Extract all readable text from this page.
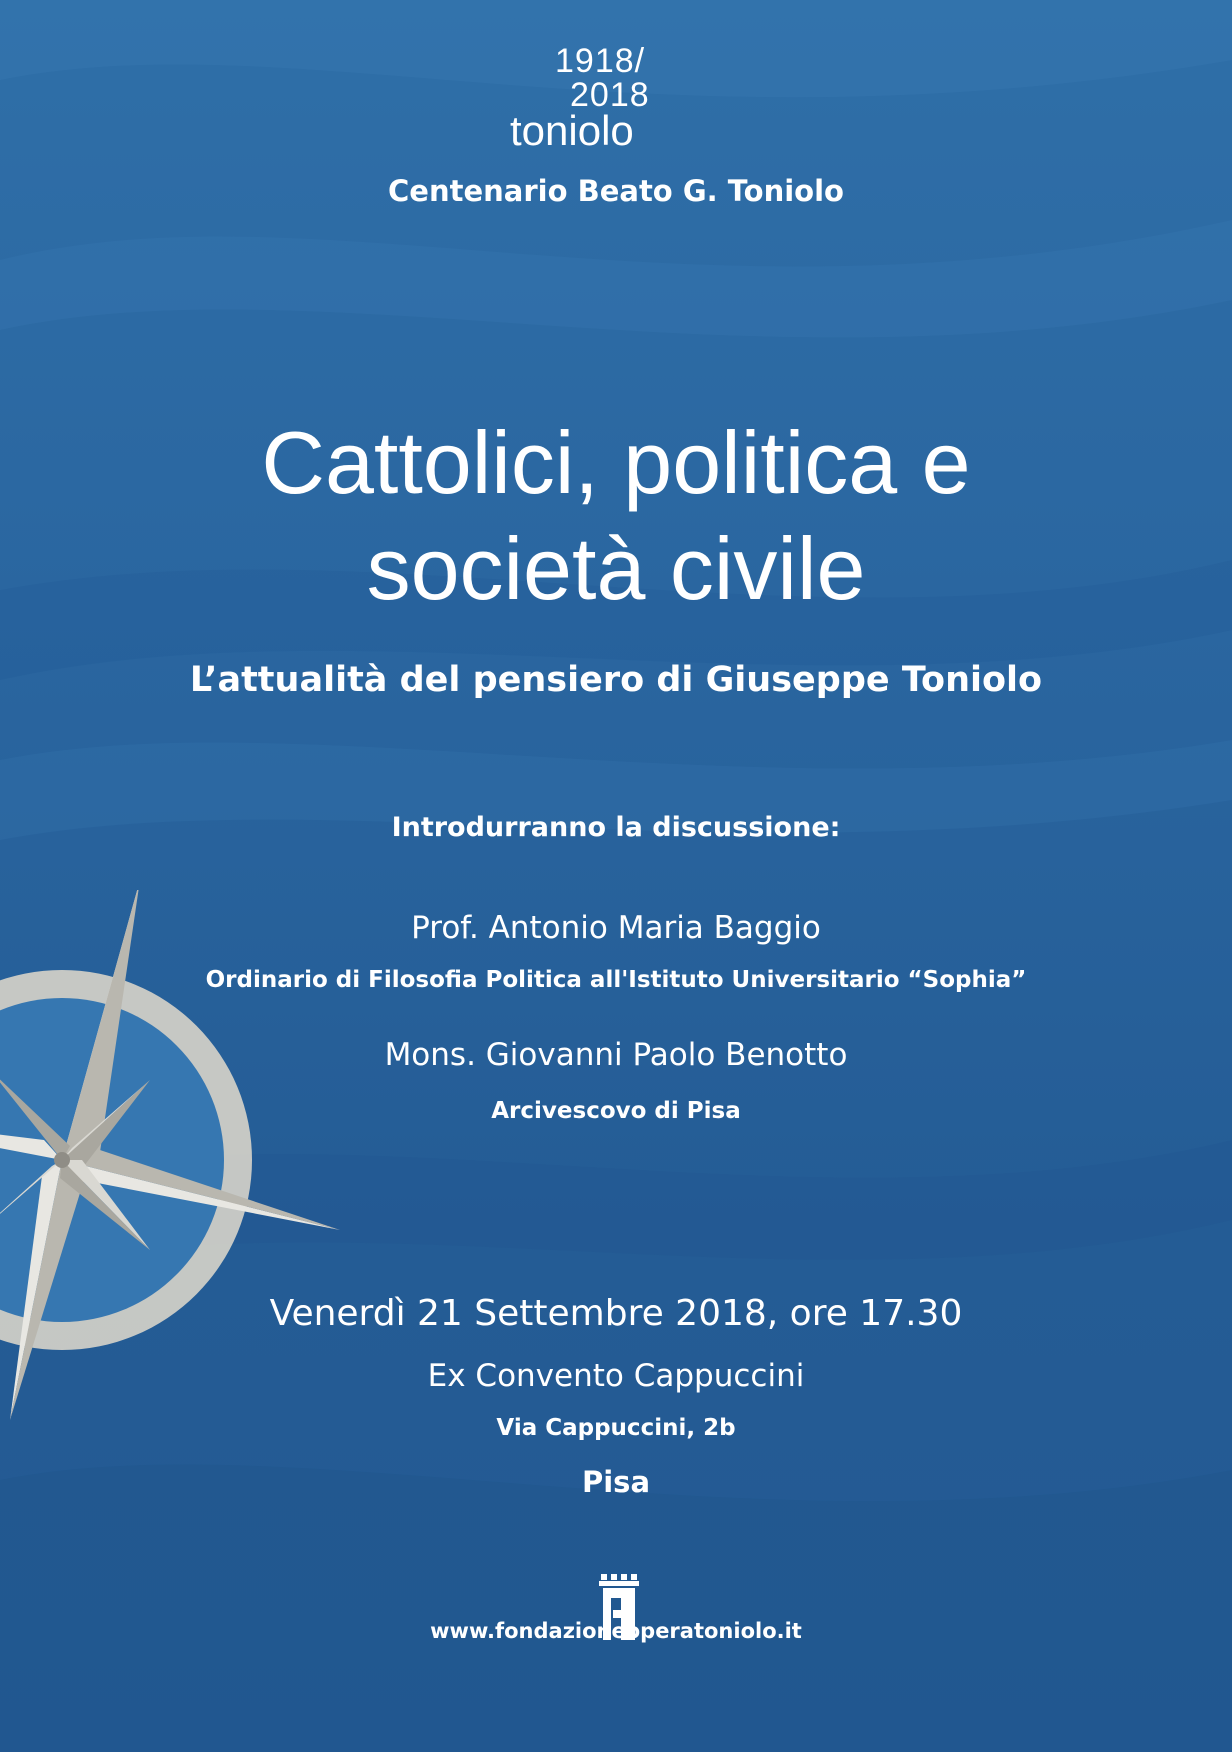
1918/
2018
toniolo
Centenario Beato G. Toniolo
Cattolici, politica e
società civile
L’attualità del pensiero di Giuseppe Toniolo
Introdurranno la discussione:
Prof. Antonio Maria Baggio
Ordinario di Filosofia Politica all'Istituto Universitario “Sophia”
Mons. Giovanni Paolo Benotto
Arcivescovo di Pisa
Venerdì 21 Settembre 2018, ore 17.30
Ex Convento Cappuccini
Via Cappuccini, 2b
Pisa
www.fondazioneoperatoniolo.it
